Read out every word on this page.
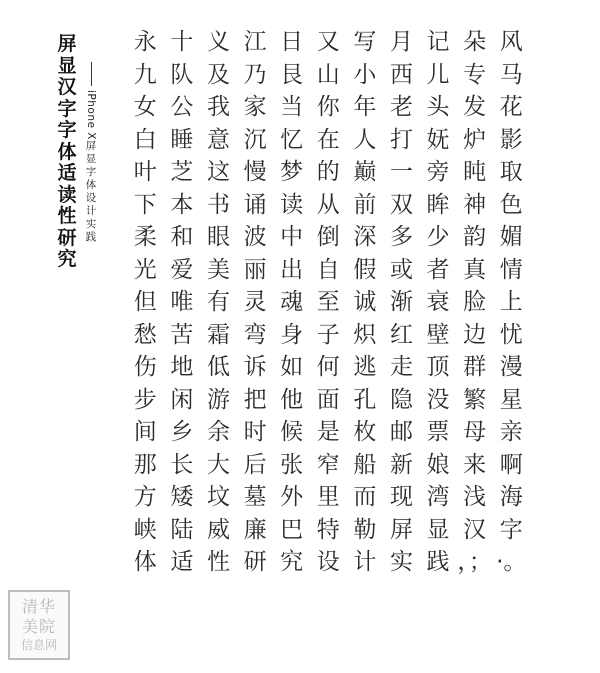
屏
显
汉
字
字
体
适
读
性
研
究
iPhone X
屏
显
字
体
设
计
实
践
永 十 义 江 日 又 写 月 记 朵 风
九 队 及 乃 艮 山 小 西 儿 专 马
女 公 我 家 当 你 年 老 头 发 花
白 睡 意 沉 忆 在 人 打 妩 炉 影
叶 芝 这 慢 梦 的 巅 一 旁 盹 取
下 本 书 诵 读 从 前 双 眸 神 色
柔 和 眼 波 中 倒 深 多 少 韵 媚
光 爱 美 丽 出 自 假 或 者 真 情
但 唯 有 灵 魂 至 诚 渐 衰 脸 上
愁 苦 霜 弯 身 子 炽 红 壁 边 忧
伤 地 低 诉 如 何 逃 走 顶 群 漫
步 闲 游 把 他 面 孔 隐 没 繁 星
间 乡 余 时 候 是 枚 邮 票 母 亲
那 长 大 后 张 窄 船 新 娘 来 啊
方 矮 坟 墓 外 里 而 现 湾 浅 海
峡 陆 威 廉 巴 特 勒 屏 显 汉 字
体 适 性 研 究 设 计 实 践 ，； ·。
清华
美院
信息网
